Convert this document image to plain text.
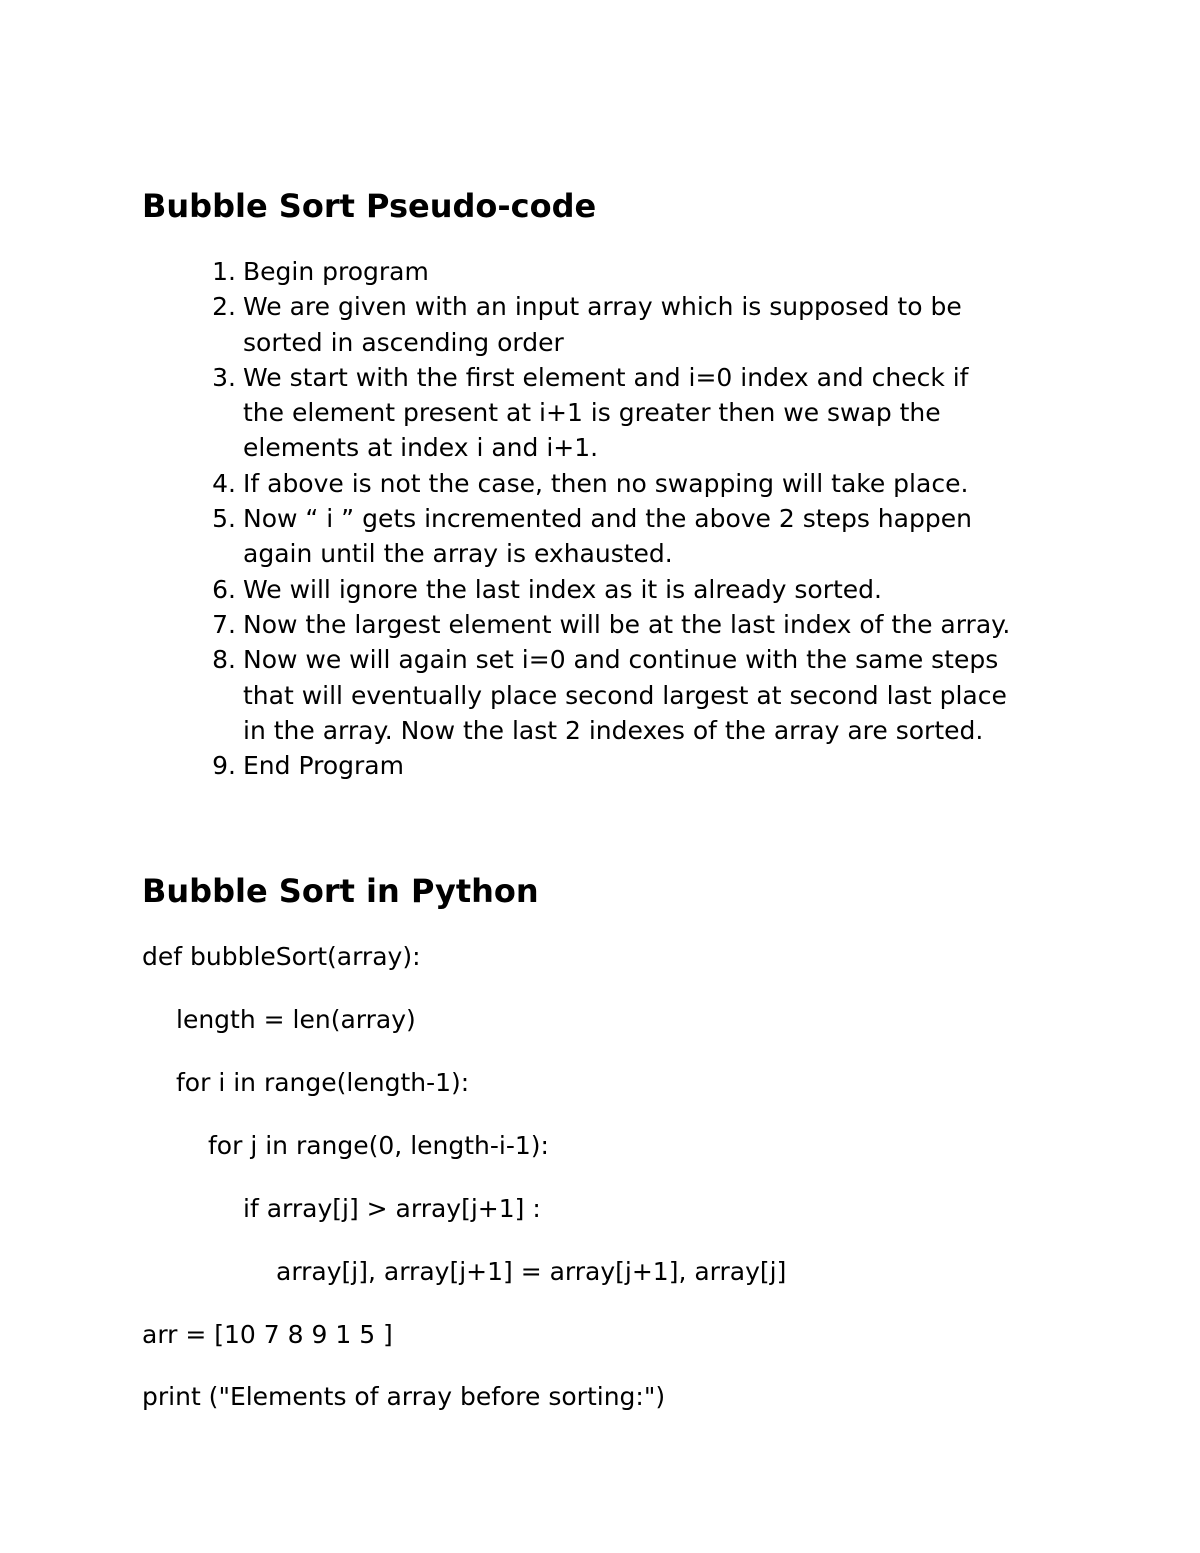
Bubble Sort Pseudo-code
1. Begin program
2. We are given with an input array which is supposed to be
sorted in ascending order
3. We start with the first element and i=0 index and check if
the element present at i+1 is greater then we swap the
elements at index i and i+1.
4. If above is not the case, then no swapping will take place.
5. Now “ i ” gets incremented and the above 2 steps happen
again until the array is exhausted.
6. We will ignore the last index as it is already sorted.
7. Now the largest element will be at the last index of the array.
8. Now we will again set i=0 and continue with the same steps
that will eventually place second largest at second last place
in the array. Now the last 2 indexes of the array are sorted.
9. End Program
Bubble Sort in Python

def bubbleSort(array):

length = len(array)

for i in range(length-1):

for j in range(0, length-i-1):

if array[j] > array[j+1] :

array[j], array[j+1] = array[j+1], array[j]

arr = [10 7 8 9 1 5 ]

print ("Elements of array before sorting:")
